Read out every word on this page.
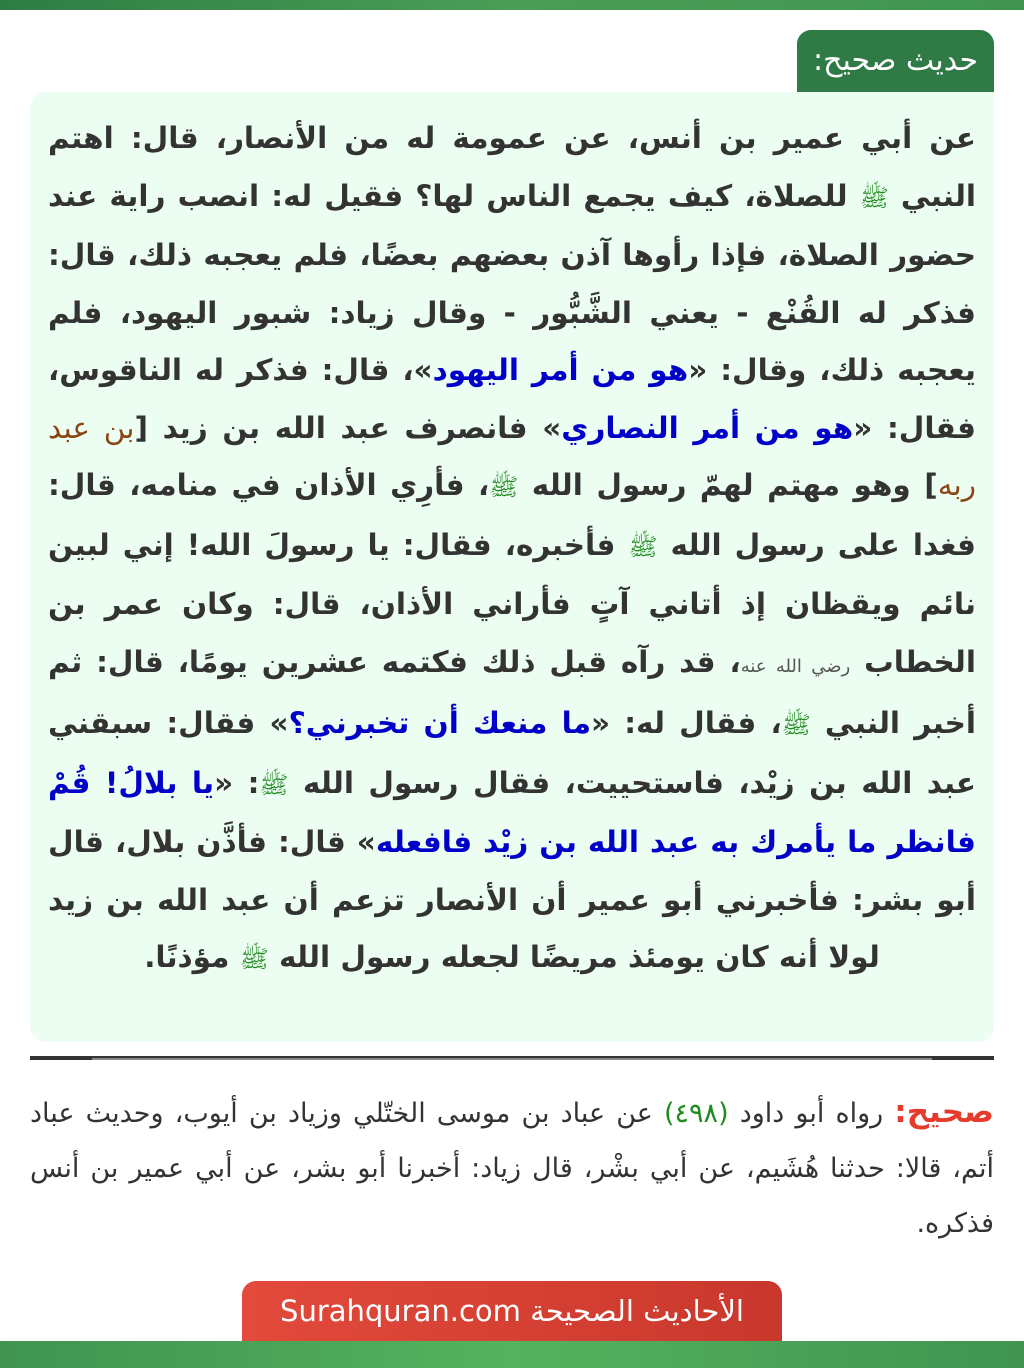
حديث صحيح:
عن أبي عمير بن أنس، عن عمومة له من الأنصار، قال: اهتم النبي ﷺ للصلاة، كيف يجمع الناس لها؟ فقيل له: انصب راية عند حضور الصلاة، فإذا رأوها آذن بعضهم بعضًا، فلم يعجبه ذلك، قال: فذكر له القُنْع - يعني الشَّبُّور - وقال زياد: شبور اليهود، فلم يعجبه ذلك، وقال: «هو من أمر اليهود»، قال: فذكر له الناقوس، فقال: «هو من أمر النصاري» فانصرف عبد الله بن زيد [بن عبد ربه] وهو مهتم لهمّ رسول الله ﷺ، فأرِي الأذان في منامه، قال: فغدا على رسول الله ﷺ فأخبره، فقال: يا رسولَ الله! إني لبين نائم ويقظان إذ أتاني آتٍ فأراني الأذان، قال: وكان عمر بن الخطاب رضي الله عنه، قد رآه قبل ذلك فكتمه عشرين يومًا، قال: ثم أخبر النبي ﷺ، فقال له: «ما منعك أن تخبرني؟» فقال: سبقني عبد الله بن زيْد، فاستحييت، فقال رسول الله ﷺ: «يا بلالُ! قُمْ فانظر ما يأمرك به عبد الله بن زيْد فافعله» قال: فأذَّن بلال، قال أبو بشر: فأخبرني أبو عمير أن الأنصار تزعم أن عبد الله بن زيد لولا أنه كان يومئذ مريضًا لجعله رسول الله ﷺ مؤذنًا.
صحيح: رواه أبو داود (٤٩٨) عن عباد بن موسى الختّلي وزياد بن أيوب، وحديث عباد أتم، قالا: حدثنا هُشَيم، عن أبي بشْر، قال زياد: أخبرنا أبو بشر، عن أبي عمير بن أنس فذكره.
الأحاديث الصحيحة Surahquran.com
